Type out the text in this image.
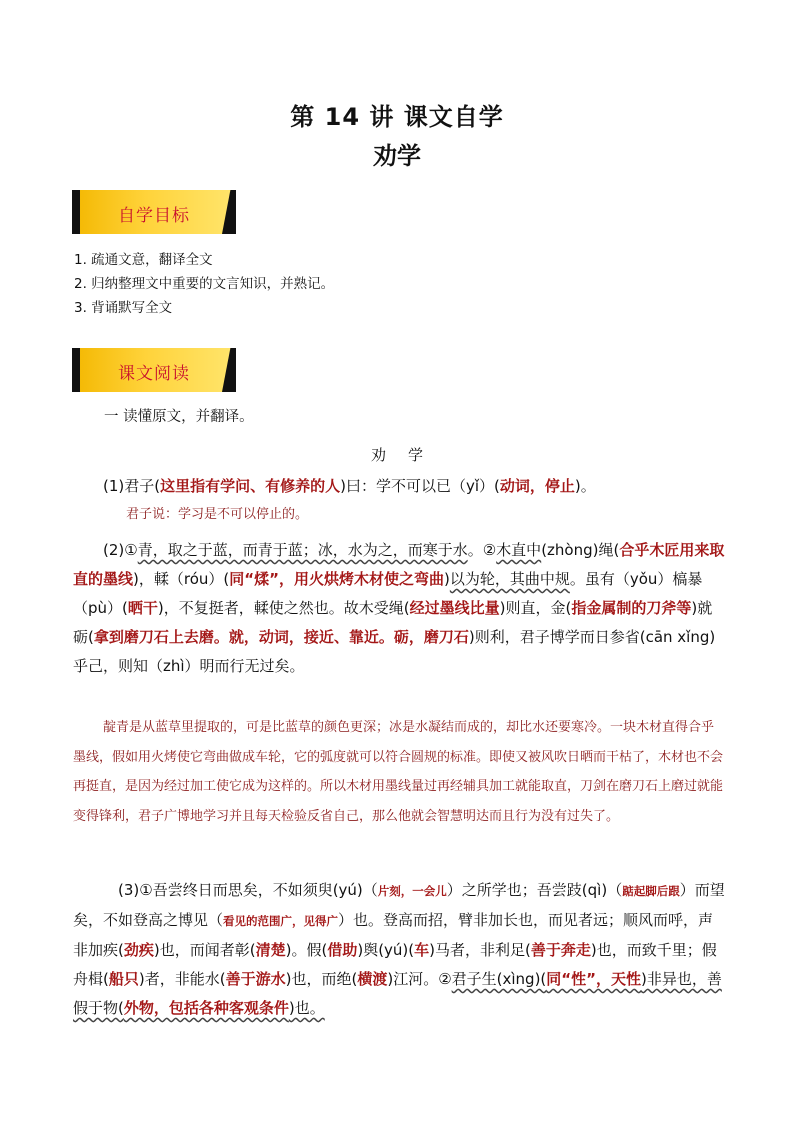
第 14 讲 课文自学
劝学
自学目标
1. 疏通文意，翻译全文
2. 归纳整理文中重要的文言知识，并熟记。
3. 背诵默写全文
课文阅读
一 读懂原文，并翻译。
劝学
(1)君子(这里指有学问、有修养的人)曰：学不可以已（yǐ）(动词，停止)。
君子说：学习是不可以停止的。
(2)①青，取之于蓝，而青于蓝；冰，水为之，而寒于水。②木直中(zhòng)绳(合乎木匠用来取直的墨线)，輮（róu）(同“煣”，用火烘烤木材使之弯曲)以为轮，其曲中规。虽有（yǒu）槁暴（pù）(晒干)，不复挺者，輮使之然也。故木受绳(经过墨线比量)则直，金(指金属制的刀斧等)就砺(拿到磨刀石上去磨。就，动词，接近、靠近。砺，磨刀石)则利，君子博学而日参省(cān xǐng)乎己，则知（zhì）明而行无过矣。
靛青是从蓝草里提取的，可是比蓝草的颜色更深；冰是水凝结而成的，却比水还要寒冷。一块木材直得合乎墨线，假如用火烤使它弯曲做成车轮，它的弧度就可以符合圆规的标准。即使又被风吹日晒而干枯了，木材也不会再挺直，是因为经过加工使它成为这样的。所以木材用墨线量过再经辅具加工就能取直，刀剑在磨刀石上磨过就能变得锋利，君子广博地学习并且每天检验反省自己，那么他就会智慧明达而且行为没有过失了。
(3)①吾尝终日而思矣，不如须臾(yú)（片刻，一会儿）之所学也；吾尝跂(qì)（踮起脚后跟）而望矣，不如登高之博见（看见的范围广，见得广）也。登高而招，臂非加长也，而见者远；顺风而呼，声非加疾(劲疾)也，而闻者彰(清楚)。假(借助)舆(yú)(车)马者，非利足(善于奔走)也，而致千里；假舟楫(船只)者，非能水(善于游水)也，而绝(横渡)江河。②君子生(xìng)(同“性”，天性)非异也，善假于物(外物，包括各种客观条件)也。
